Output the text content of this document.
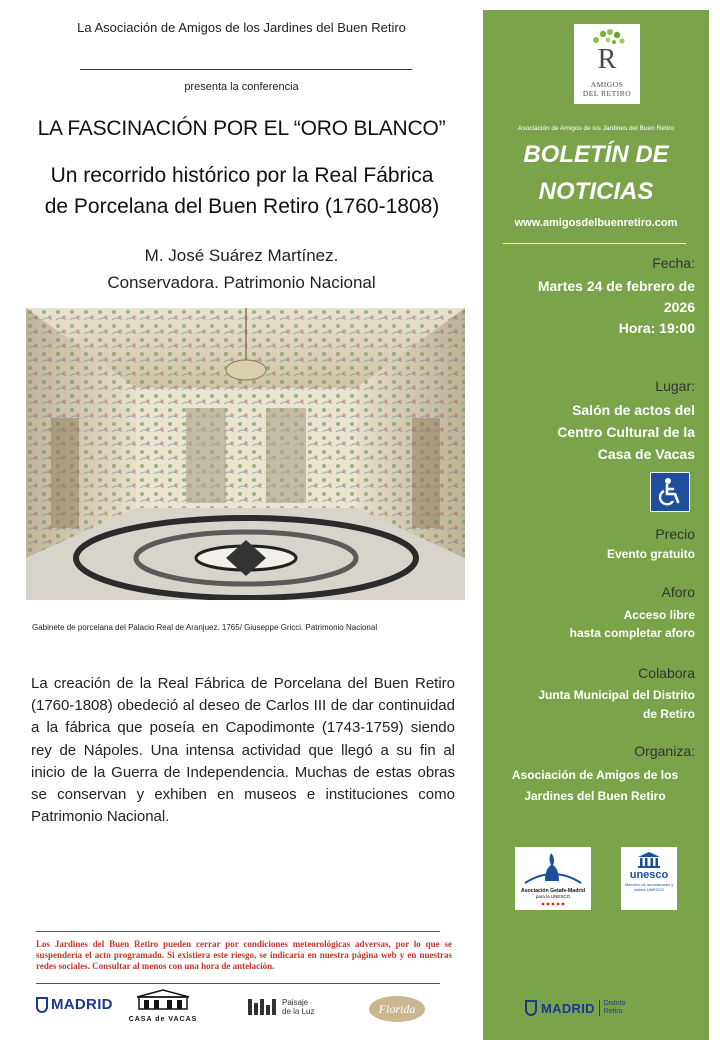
La Asociación de Amigos de los Jardines del Buen Retiro
presenta la conferencia
LA FASCINACIÓN POR EL “ORO BLANCO”
Un recorrido histórico por la Real Fábrica
de Porcelana del Buen Retiro (1760-1808)
M. José Suárez Martínez.
Conservadora. Patrimonio Nacional
Gabinete de porcelana del Palacio Real de Aranjuez. 1765/ Giuseppe Gricci. Patrimonio Nacional
La creación de la Real Fábrica de Porcelana del Buen Retiro (1760-1808) obedeció al deseo de Carlos III de dar continuidad a la fábrica que poseía en Capodimonte (1743-1759) siendo rey de Nápoles. Una intensa actividad que llegó a su fin al inicio de la Guerra de Independencia. Muchas de estas obras se conservan y exhiben en museos e instituciones como Patrimonio Nacional.
Los Jardines del Buen Retiro pueden cerrar por condiciones meteorológicas adversas, por lo que se suspendería el acto programado. Si existiera este riesgo, se indicaría en nuestra página web y en nuestras redes sociales. Consultar al menos con una hora de antelación.
MADRID
CASA de VACAS
Paisaje
de la Luz	Florida
R
AMIGOS
DEL RETIRO
Asociación de Amigos de los Jardines del Buen Retiro
BOLETÍN DE
NOTICIAS
www.amigosdelbuenretiro.com
Fecha:
Martes 24 de febrero de
2026
Hora: 19:00
Lugar:
Salón de actos del
Centro Cultural de la
Casa de Vacas
Precio
Evento gratuito
Aforo
Acceso libre
hasta completar aforo
Colabora
Junta Municipal del Distrito
de Retiro
Organiza:
Asociación de Amigos de los
Jardines del Buen Retiro
Asociación Getafe-Madrid
para la UNESCO
unesco
Miembro de asociaciones y clubes UNESCO
MADRID Distrito
Retiro
